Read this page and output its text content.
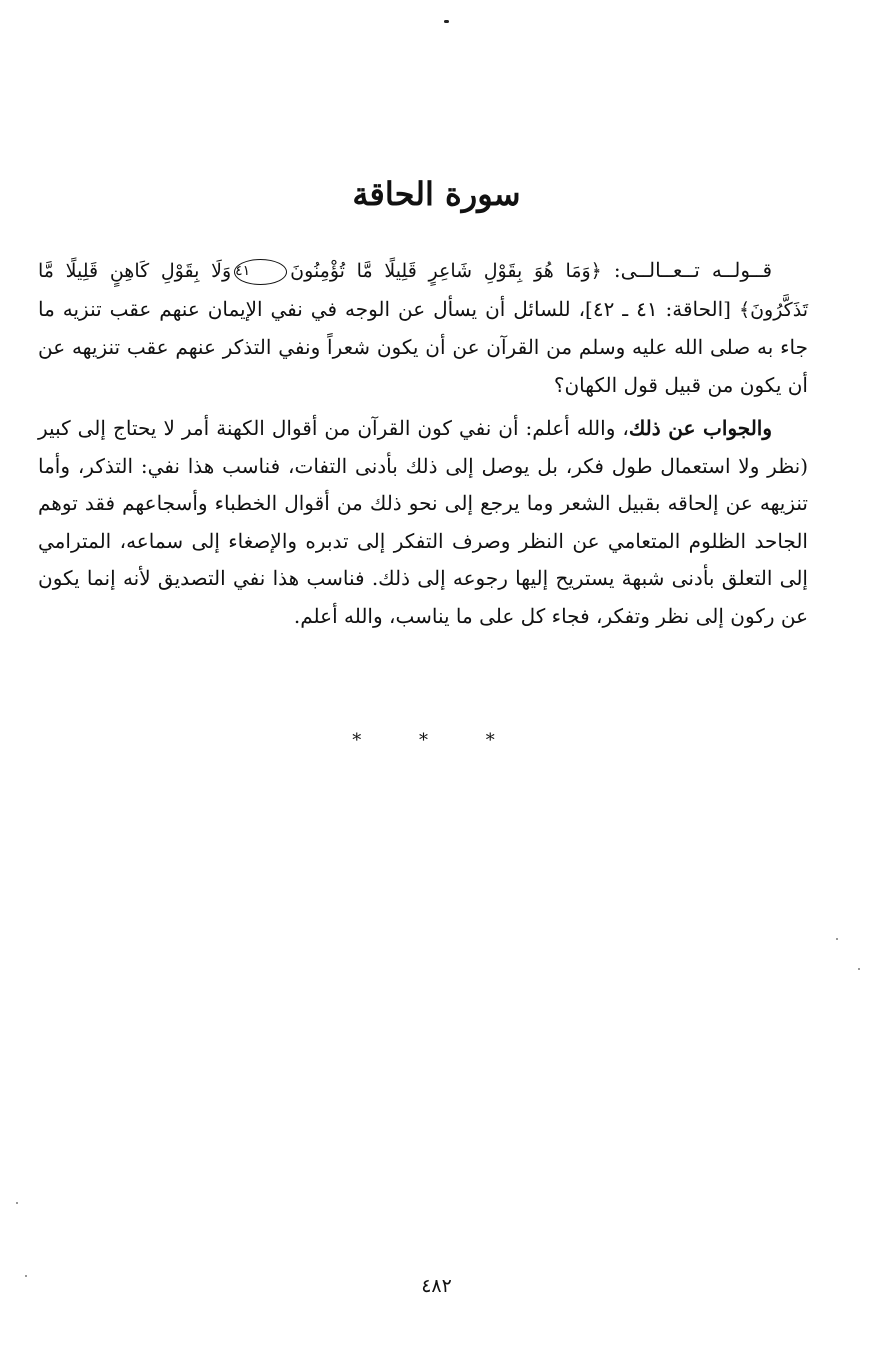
سورة الحاقة

قــولــه تــعــالــى: ﴿وَمَا هُوَ بِقَوْلِ شَاعِرٍ قَلِيلًا مَّا تُؤْمِنُونَ٤١وَلَا بِقَوْلِ كَاهِنٍ قَلِيلًا مَّا تَذَكَّرُونَ﴾ [الحاقة: ٤١ ـ ٤٢]، للسائل أن يسأل عن الوجه في نفي الإيمان عنهم عقب تنزيه ما جاء به صلى الله عليه وسلم من القرآن عن أن يكون شعراً ونفي التذكر عنهم عقب تنزيهه عن أن يكون من قبيل قول الكهان؟

والجواب عن ذلك، والله أعلم: أن نفي كون القرآن من أقوال الكهنة أمر لا يحتاج إلى كبير (نظر ولا استعمال طول فكر، بل يوصل إلى ذلك بأدنى التفات، فناسب هذا نفي: التذكر، وأما تنزيهه عن إلحاقه بقبيل الشعر وما يرجع إلى نحو ذلك من أقوال الخطباء وأسجاعهم فقد توهم الجاحد الظلوم المتعامي عن النظر وصرف التفكر إلى تدبره والإصغاء إلى سماعه، المترامي إلى التعلق بأدنى شبهة يستريح إليها رجوعه إلى ذلك. فناسب هذا نفي التصديق لأنه إنما يكون عن ركون إلى نظر وتفكر، فجاء كل على ما يناسب، والله أعلم.

* * *
٤٨٢
